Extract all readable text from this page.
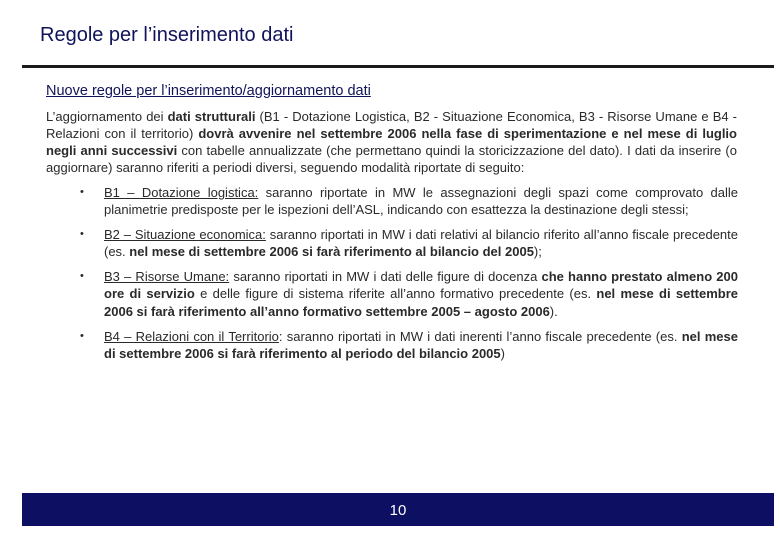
Regole per l’inserimento dati
Nuove regole per l’inserimento/aggiornamento dati
L’aggiornamento dei dati strutturali (B1 - Dotazione Logistica, B2 - Situazione Economica, B3 - Risorse Umane e B4 - Relazioni con il territorio) dovrà avvenire nel settembre 2006 nella fase di sperimentazione e nel mese di luglio negli anni successivi con tabelle annualizzate (che permettano quindi la storicizzazione del dato). I dati da inserire (o aggiornare) saranno riferiti a periodi diversi, seguendo modalità riportate di seguito:
•	B1 – Dotazione logistica: saranno riportate in MW le assegnazioni degli spazi come comprovato dalle planimetrie predisposte per le ispezioni dell’ASL, indicando con esattezza la destinazione degli stessi;
•	B2 – Situazione economica: saranno riportati in MW i dati relativi al bilancio riferito all’anno fiscale precedente (es. nel mese di settembre 2006 si farà riferimento al bilancio del 2005);
•	B3 – Risorse Umane: saranno riportati in MW i dati delle figure di docenza che hanno prestato almeno 200 ore di servizio e delle figure di sistema riferite all’anno formativo precedente (es. nel mese di settembre 2006 si farà riferimento all’anno formativo settembre 2005 – agosto 2006).
•	B4 – Relazioni con il Territorio: saranno riportati in MW i dati inerenti l’anno fiscale precedente (es. nel mese di settembre 2006 si farà riferimento al periodo del bilancio 2005)
10
